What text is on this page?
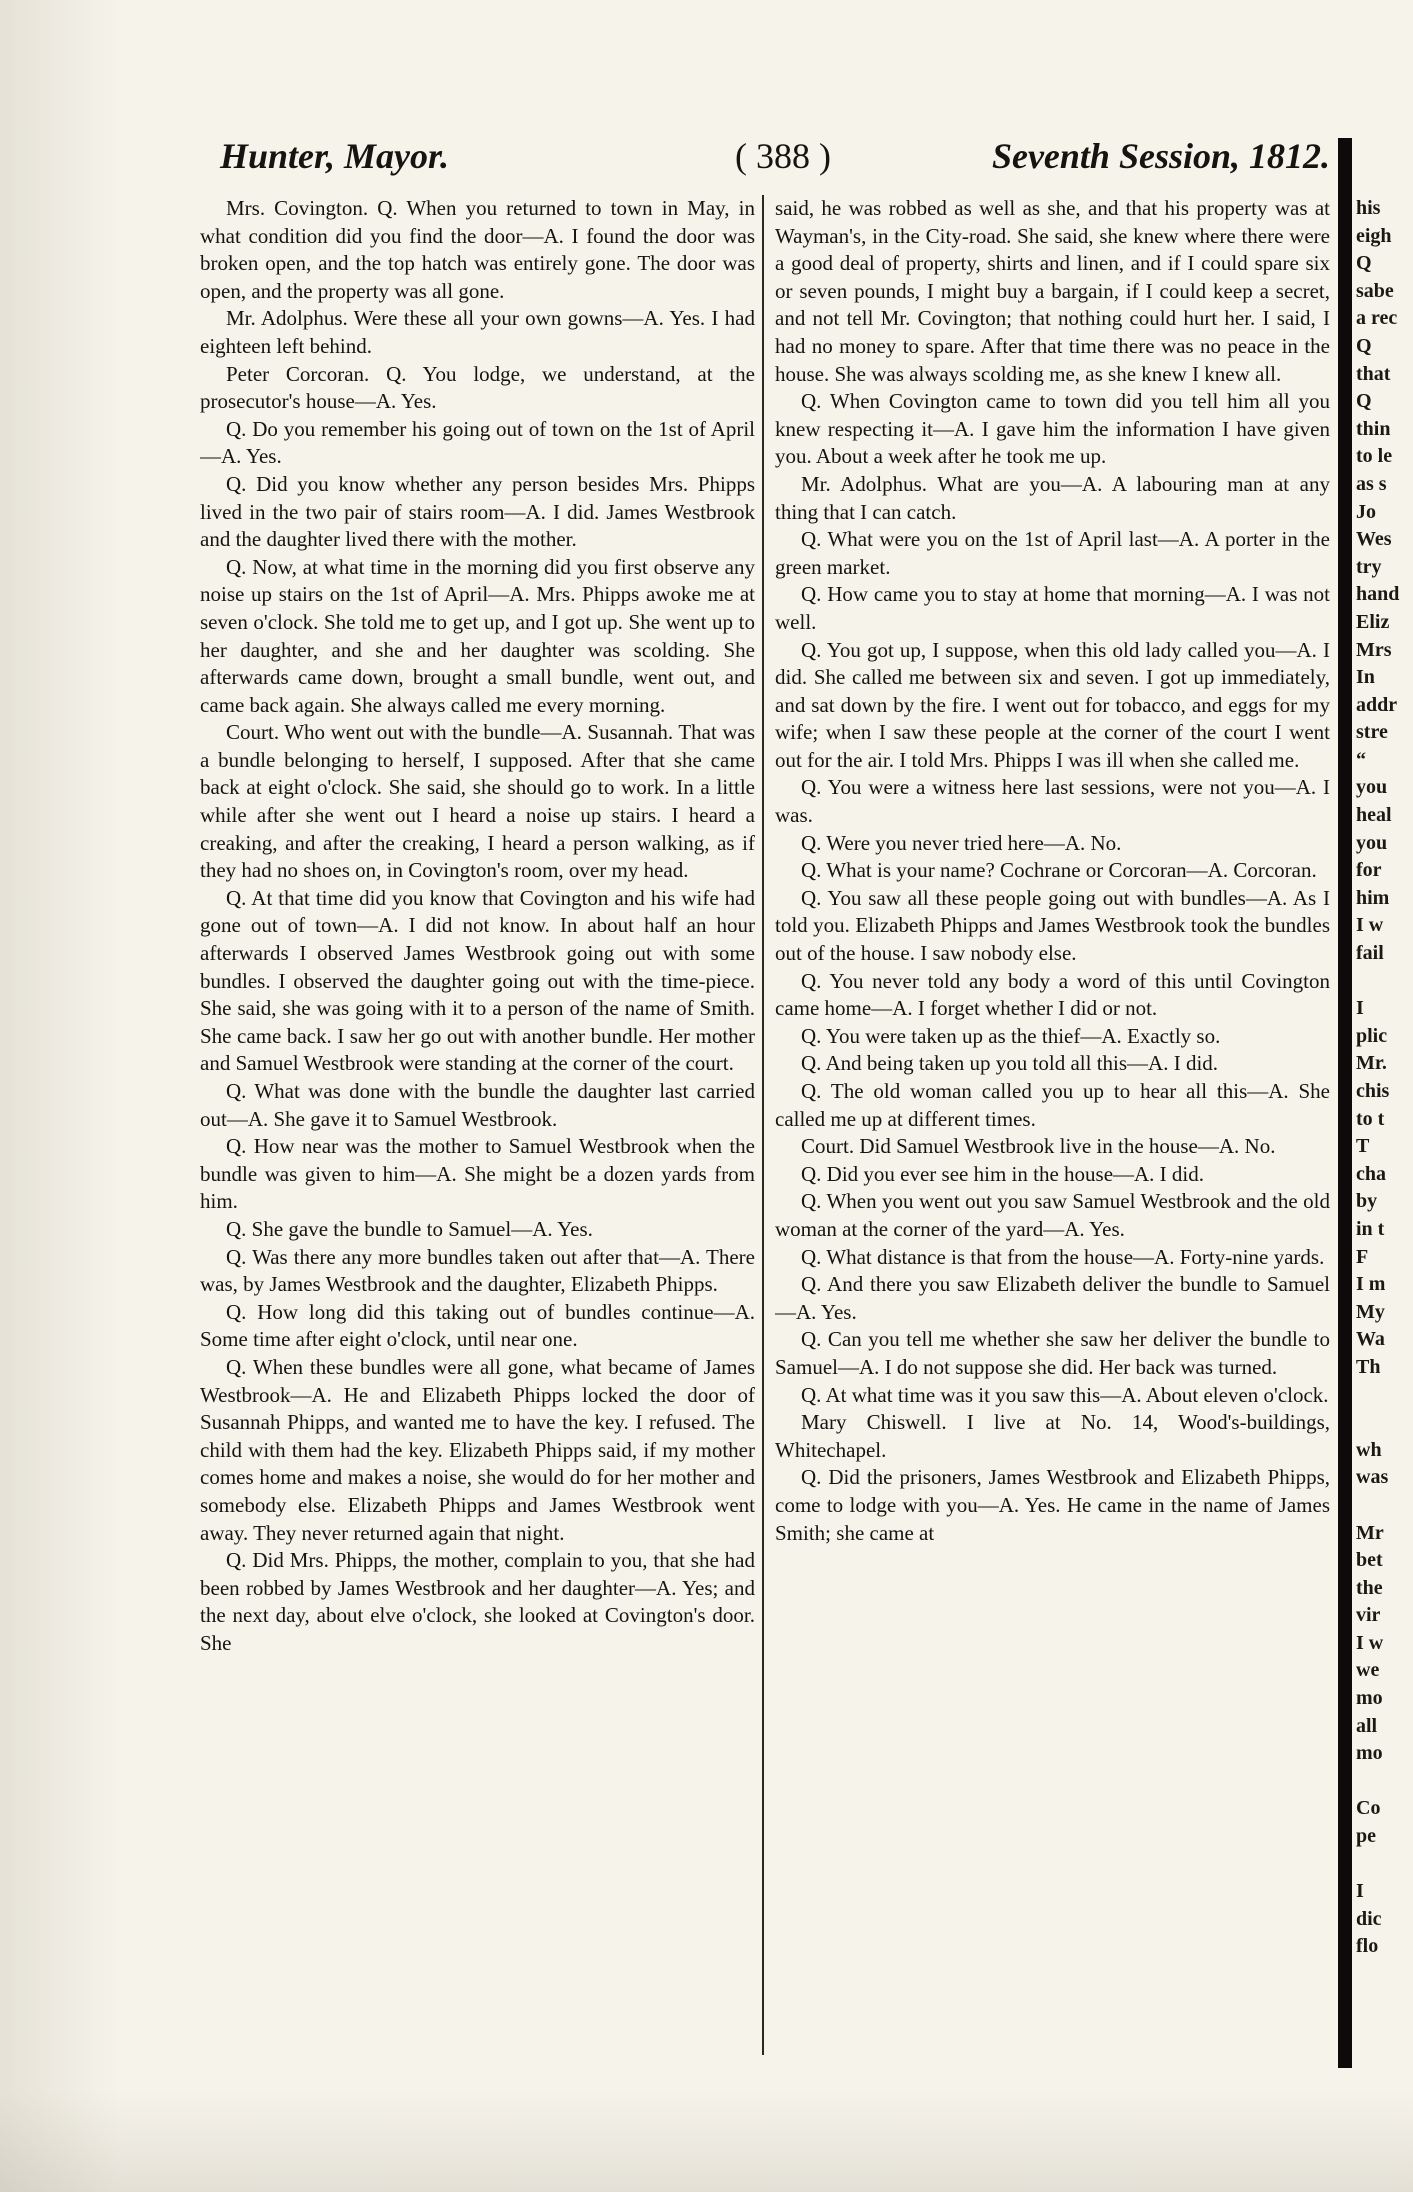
Hunter, Mayor.	( 388 )	Seventh Session, 1812.

Mrs. Covington. Q. When you returned to town in May, in what condition did you find the door—A. I found the door was broken open, and the top hatch was entirely gone. The door was open, and the property was all gone.

Mr. Adolphus. Were these all your own gowns—A. Yes. I had eighteen left behind.

Peter Corcoran. Q. You lodge, we understand, at the prosecutor's house—A. Yes.

Q. Do you remember his going out of town on the 1st of April—A. Yes.

Q. Did you know whether any person besides Mrs. Phipps lived in the two pair of stairs room—A. I did. James Westbrook and the daughter lived there with the mother.

Q. Now, at what time in the morning did you first observe any noise up stairs on the 1st of April—A. Mrs. Phipps awoke me at seven o'clock. She told me to get up, and I got up. She went up to her daughter, and she and her daughter was scolding. She afterwards came down, brought a small bundle, went out, and came back again. She always called me every morning.

Court. Who went out with the bundle—A. Susannah. That was a bundle belonging to herself, I supposed. After that she came back at eight o'clock. She said, she should go to work. In a little while after she went out I heard a noise up stairs. I heard a creaking, and after the creaking, I heard a person walking, as if they had no shoes on, in Covington's room, over my head.

Q. At that time did you know that Covington and his wife had gone out of town—A. I did not know. In about half an hour afterwards I observed James Westbrook going out with some bundles. I observed the daughter going out with the time-piece. She said, she was going with it to a person of the name of Smith. She came back. I saw her go out with another bundle. Her mother and Samuel Westbrook were standing at the corner of the court.

Q. What was done with the bundle the daughter last carried out—A. She gave it to Samuel Westbrook.

Q. How near was the mother to Samuel Westbrook when the bundle was given to him—A. She might be a dozen yards from him.

Q. She gave the bundle to Samuel—A. Yes.

Q. Was there any more bundles taken out after that—A. There was, by James Westbrook and the daughter, Elizabeth Phipps.

Q. How long did this taking out of bundles continue—A. Some time after eight o'clock, until near one.

Q. When these bundles were all gone, what became of James Westbrook—A. He and Elizabeth Phipps locked the door of Susannah Phipps, and wanted me to have the key. I refused. The child with them had the key. Elizabeth Phipps said, if my mother comes home and makes a noise, she would do for her mother and somebody else. Elizabeth Phipps and James Westbrook went away. They never returned again that night.

Q. Did Mrs. Phipps, the mother, complain to you, that she had been robbed by James Westbrook and her daughter—A. Yes; and the next day, about elve o'clock, she looked at Covington's door. She

said, he was robbed as well as she, and that his property was at Wayman's, in the City-road. She said, she knew where there were a good deal of property, shirts and linen, and if I could spare six or seven pounds, I might buy a bargain, if I could keep a secret, and not tell Mr. Covington; that nothing could hurt her. I said, I had no money to spare. After that time there was no peace in the house. She was always scolding me, as she knew I knew all.

Q. When Covington came to town did you tell him all you knew respecting it—A. I gave him the information I have given you. About a week after he took me up.

Mr. Adolphus. What are you—A. A labouring man at any thing that I can catch.

Q. What were you on the 1st of April last—A. A porter in the green market.

Q. How came you to stay at home that morning—A. I was not well.

Q. You got up, I suppose, when this old lady called you—A. I did. She called me between six and seven. I got up immediately, and sat down by the fire. I went out for tobacco, and eggs for my wife; when I saw these people at the corner of the court I went out for the air. I told Mrs. Phipps I was ill when she called me.

Q. You were a witness here last sessions, were not you—A. I was.

Q. Were you never tried here—A. No.

Q. What is your name? Cochrane or Corcoran—A. Corcoran.

Q. You saw all these people going out with bundles—A. As I told you. Elizabeth Phipps and James Westbrook took the bundles out of the house. I saw nobody else.

Q. You never told any body a word of this until Covington came home—A. I forget whether I did or not.

Q. You were taken up as the thief—A. Exactly so.

Q. And being taken up you told all this—A. I did.

Q. The old woman called you up to hear all this—A. She called me up at different times.

Court. Did Samuel Westbrook live in the house—A. No.

Q. Did you ever see him in the house—A. I did.

Q. When you went out you saw Samuel Westbrook and the old woman at the corner of the yard—A. Yes.

Q. What distance is that from the house—A. Forty-nine yards.

Q. And there you saw Elizabeth deliver the bundle to Samuel—A. Yes.

Q. Can you tell me whether she saw her deliver the bundle to Samuel—A. I do not suppose she did. Her back was turned.

Q. At what time was it you saw this—A. About eleven o'clock.

Mary Chiswell. I live at No. 14, Wood's-buildings, Whitechapel.

Q. Did the prisoners, James Westbrook and Elizabeth Phipps, come to lodge with you—A. Yes. He came in the name of James Smith; she came at

his
eigh
Q
sabe
a rec
Q
that
Q
thin
to le
as s
Jo
Wes
try
hand
Eliz
Mrs
In
addr
stre
“
you
heal
you
for
him
I w
fail

I
plic
Mr.
chis
to t
T
cha
by
in t
F
I m
My
Wa
Th

wh
was

Mr
bet
the
vir
I w
we
mo
all
mo

Co
pe

I
dic
flo
